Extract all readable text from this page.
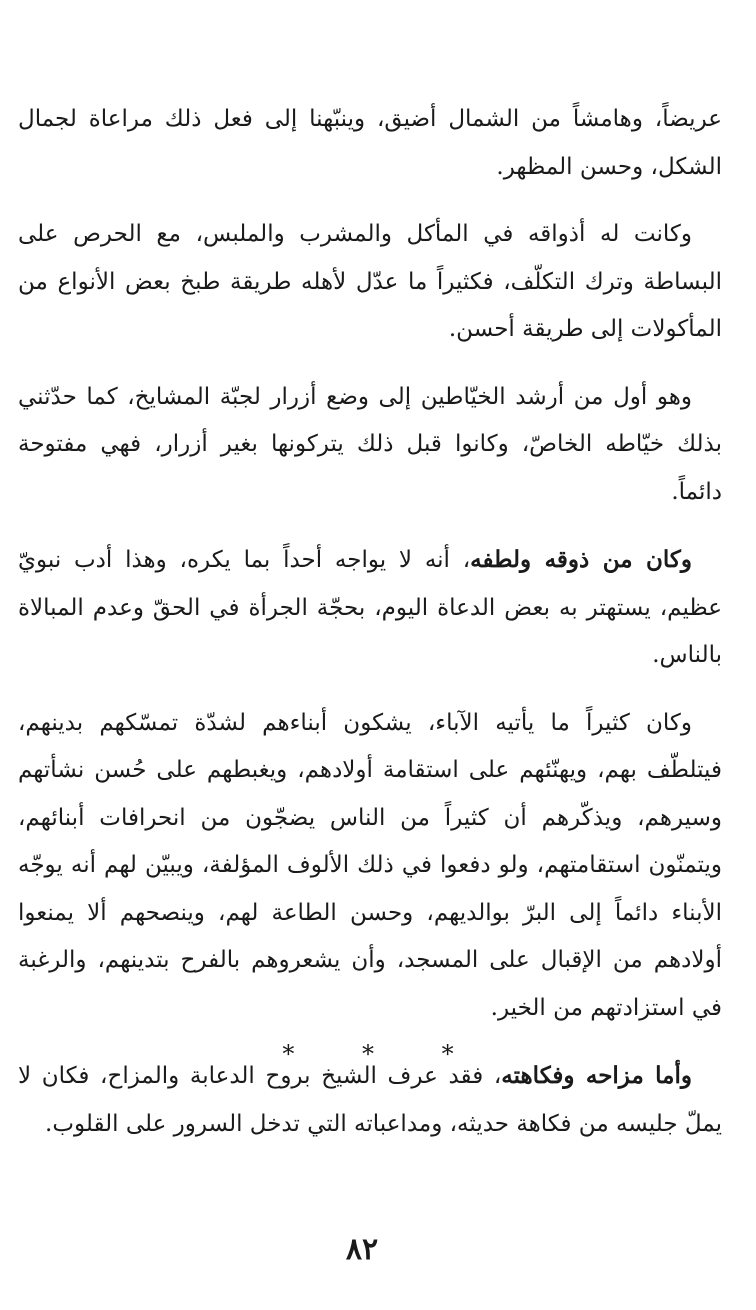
عريضاً، وهامشاً من الشمال أضيق، وينبّهنا إلى فعل ذلك مراعاة لجمال الشكل، وحسن المظهر.

وكانت له أذواقه في المأكل والمشرب والملبس، مع الحرص على البساطة وترك التكلّف، فكثيراً ما عدّل لأهله طريقة طبخ بعض الأنواع من المأكولات إلى طريقة أحسن.

وهو أول من أرشد الخيّاطين إلى وضع أزرار لجبّة المشايخ، كما حدّثني بذلك خيّاطه الخاصّ، وكانوا قبل ذلك يتركونها بغير أزرار، فهي مفتوحة دائماً.

وكان من ذوقه ولطفه، أنه لا يواجه أحداً بما يكره، وهذا أدب نبويّ عظيم، يستهتر به بعض الدعاة اليوم، بحجّة الجرأة في الحقّ وعدم المبالاة بالناس.

وكان كثيراً ما يأتيه الآباء، يشكون أبناءهم لشدّة تمسّكهم بدينهم، فيتلطّف بهم، ويهنّئهم على استقامة أولادهم، ويغبطهم على حُسن نشأتهم وسيرهم، ويذكّرهم أن كثيراً من الناس يضجّون من انحرافات أبنائهم، ويتمنّون استقامتهم، ولو دفعوا في ذلك الألوف المؤلفة، ويبيّن لهم أنه يوجّه الأبناء دائماً إلى البرّ بوالديهم، وحسن الطاعة لهم، وينصحهم ألا يمنعوا أولادهم من الإقبال على المسجد، وأن يشعروهم بالفرح بتدينهم، والرغبة في استزادتهم من الخير.

وأما مزاحه وفكاهته، فقد عرف الشيخ بروح الدعابة والمزاح، فكان لا يملّ جليسه من فكاهة حديثه، ومداعباته التي تدخل السرور على القلوب.

* * *
٨٢
